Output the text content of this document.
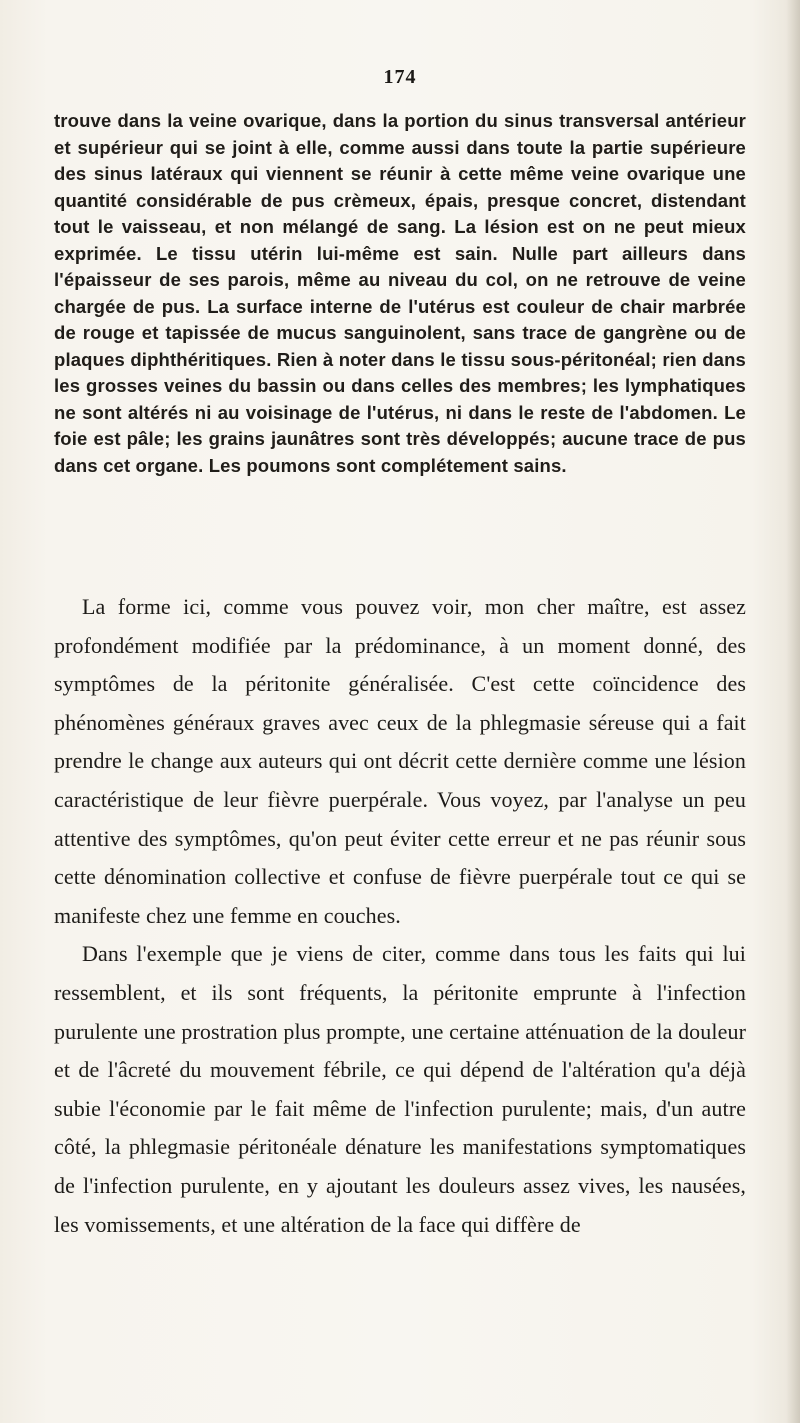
174

trouve dans la veine ovarique, dans la portion du sinus transversal antérieur et supérieur qui se joint à elle, comme aussi dans toute la partie supérieure des sinus latéraux qui viennent se réunir à cette même veine ovarique une quantité considérable de pus crèmeux, épais, presque concret, distendant tout le vaisseau, et non mélangé de sang. La lésion est on ne peut mieux exprimée. Le tissu utérin lui-même est sain. Nulle part ailleurs dans l'épaisseur de ses parois, même au niveau du col, on ne retrouve de veine chargée de pus. La surface interne de l'utérus est couleur de chair marbrée de rouge et tapissée de mucus sanguinolent, sans trace de gangrène ou de plaques diphthéritiques. Rien à noter dans le tissu sous-péritonéal; rien dans les grosses veines du bassin ou dans celles des membres; les lymphatiques ne sont altérés ni au voisinage de l'utérus, ni dans le reste de l'abdomen. Le foie est pâle; les grains jaunâtres sont très développés; aucune trace de pus dans cet organe. Les poumons sont complétement sains.

La forme ici, comme vous pouvez voir, mon cher maître, est assez profondément modifiée par la prédominance, à un moment donné, des symptômes de la péritonite généralisée. C'est cette coïncidence des phénomènes généraux graves avec ceux de la phlegmasie séreuse qui a fait prendre le change aux auteurs qui ont décrit cette dernière comme une lésion caractéristique de leur fièvre puerpérale. Vous voyez, par l'analyse un peu attentive des symptômes, qu'on peut éviter cette erreur et ne pas réunir sous cette dénomination collective et confuse de fièvre puerpérale tout ce qui se manifeste chez une femme en couches.

Dans l'exemple que je viens de citer, comme dans tous les faits qui lui ressemblent, et ils sont fréquents, la péritonite emprunte à l'infection purulente une prostration plus prompte, une certaine atténuation de la douleur et de l'âcreté du mouvement fébrile, ce qui dépend de l'altération qu'a déjà subie l'économie par le fait même de l'infection purulente; mais, d'un autre côté, la phlegmasie péritonéale dénature les manifestations symptomatiques de l'infection purulente, en y ajoutant les douleurs assez vives, les nausées, les vomissements, et une altération de la face qui diffère de
